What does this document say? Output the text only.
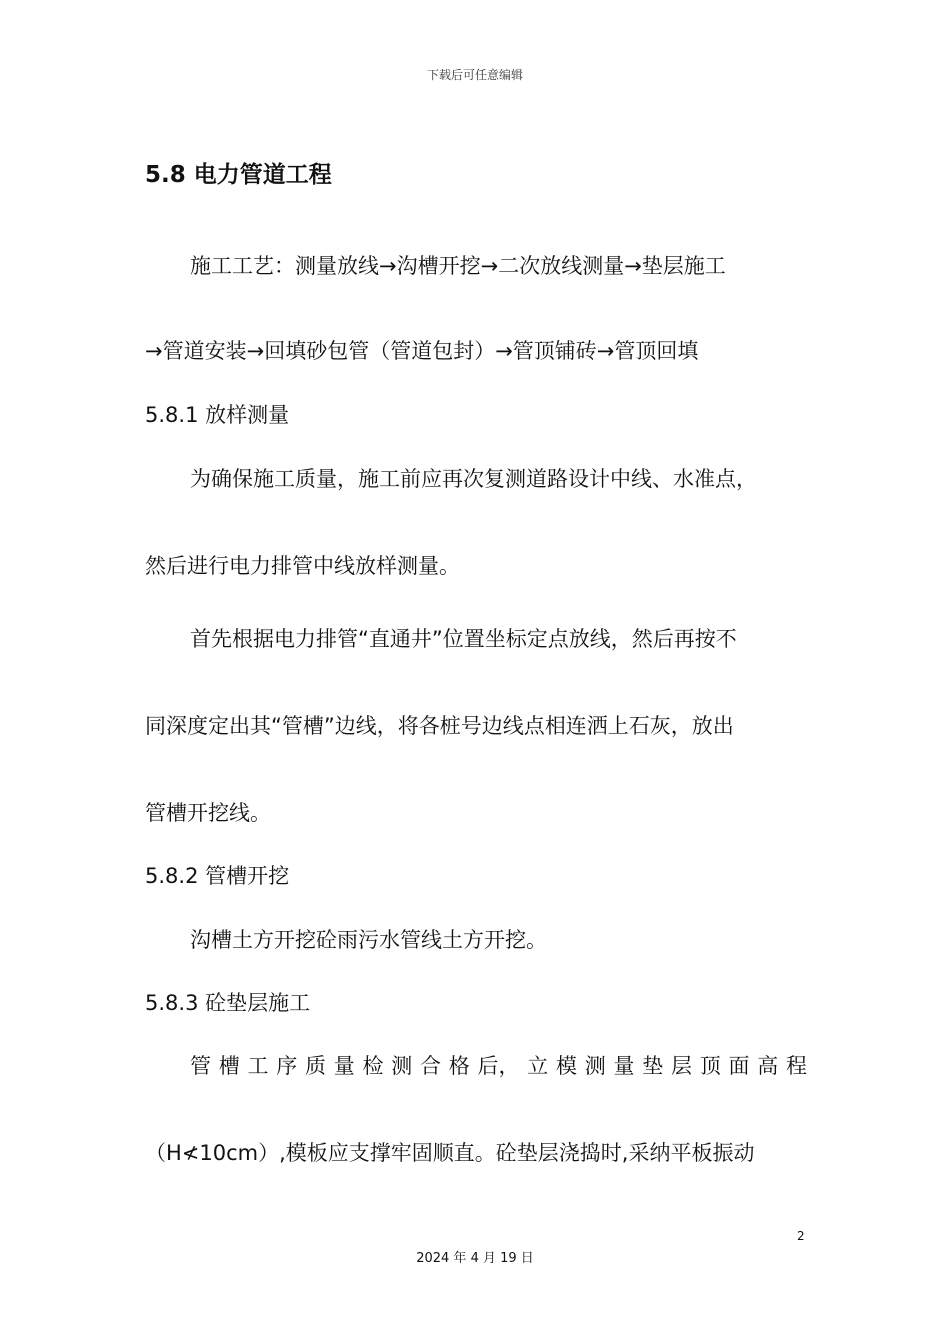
下载后可任意编辑
5.8 电力管道工程
施工工艺：测量放线→沟槽开挖→二次放线测量→垫层施工
→管道安装→回填砂包管（管道包封）→管顶铺砖→管顶回填
5.8.1 放样测量
为确保施工质量，施工前应再次复测道路设计中线、水准点，
然后进行电力排管中线放样测量。
首先根据电力排管“直通井”位置坐标定点放线，然后再按不
同深度定出其“管槽”边线，将各桩号边线点相连洒上石灰，放出
管槽开挖线。
5.8.2 管槽开挖
沟槽土方开挖砼雨污水管线土方开挖。
5.8.3 砼垫层施工
管 槽 工 序 质 量 检 测 合 格 后， 立 模 测 量 垫 层 顶 面 高 程
（H≮10cm）,模板应支撑牢固顺直。砼垫层浇捣时,采纳平板振动
2
2024 年 4 月 19 日
